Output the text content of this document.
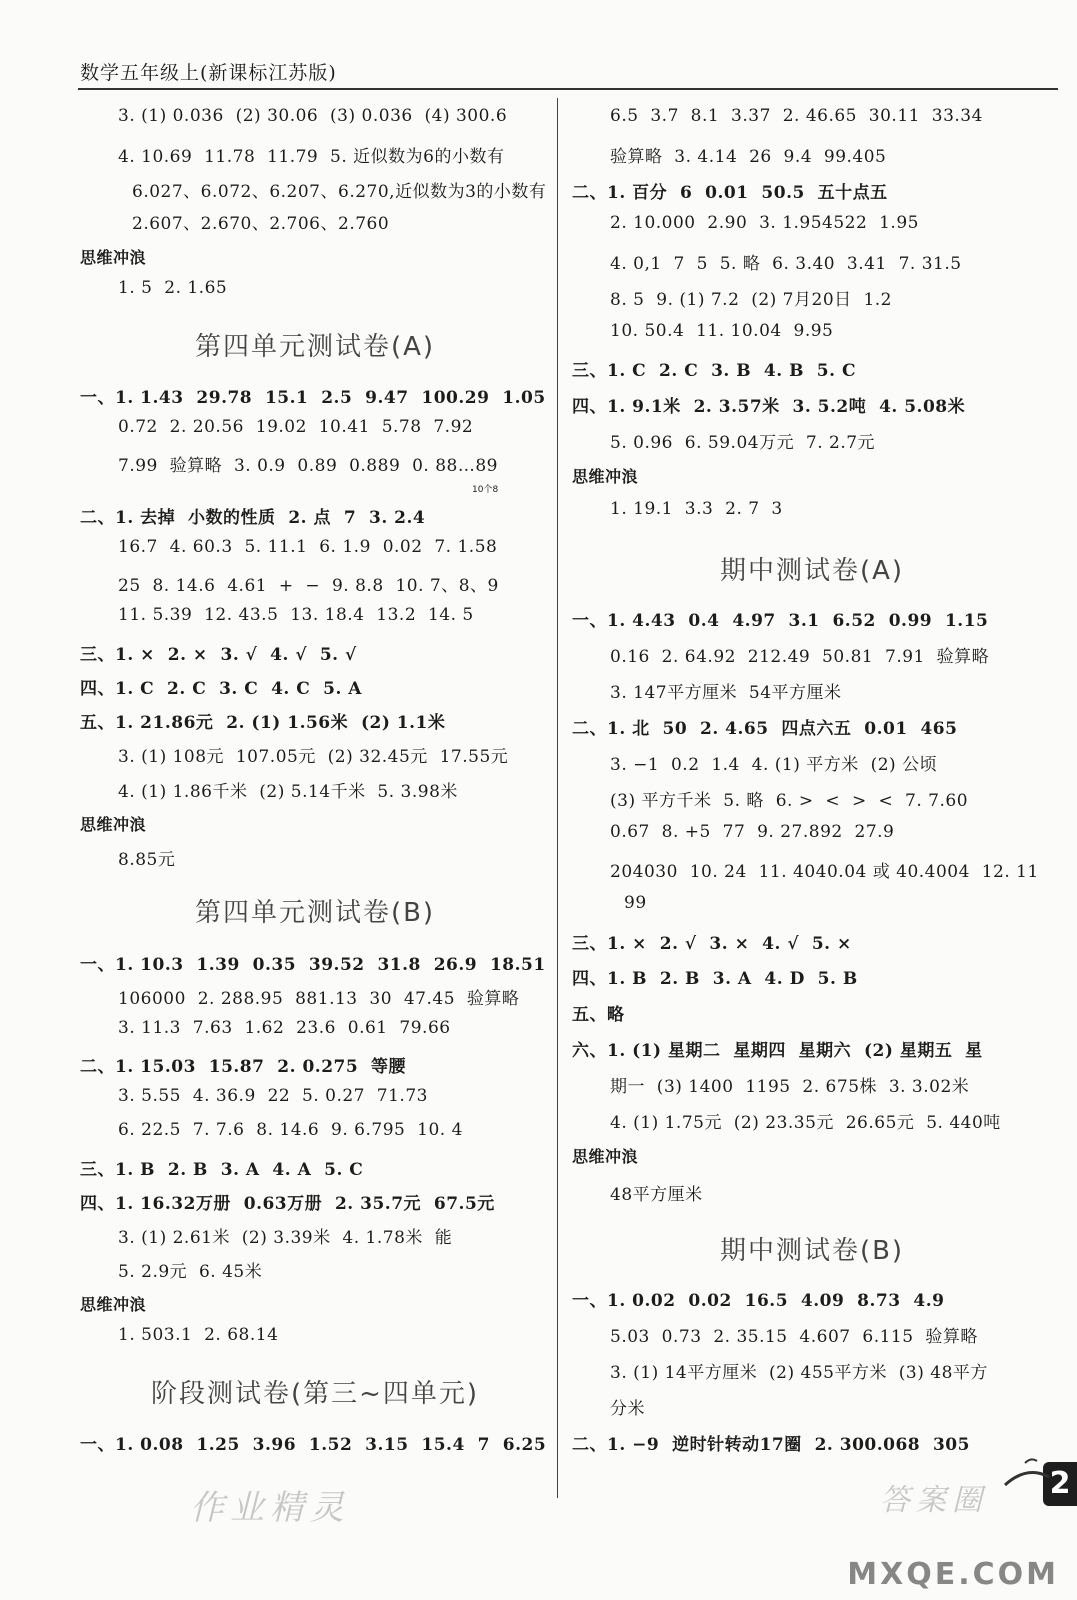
数学五年级上(新课标江苏版)
3. (1) 0.036  (2) 30.06  (3) 0.036  (4) 300.6
4. 10.69  11.78  11.79  5. 近似数为6的小数有
6.027、6.072、6.207、6.270,近似数为3的小数有
2.607、2.670、2.706、2.760
思维冲浪
1. 5  2. 1.65
第四单元测试卷(A)
一、1. 1.43  29.78  15.1  2.5  9.47  100.29  1.05
0.72  2. 20.56  19.02  10.41  5.78  7.92
7.99  验算略  3. 0.9  0.89  0.889  0. 88…89
10个8
二、1. 去掉  小数的性质  2. 点  7  3. 2.4
16.7  4. 60.3  5. 11.1  6. 1.9  0.02  7. 1.58
25  8. 14.6  4.61  +  −  9. 8.8  10. 7、8、9
11. 5.39  12. 43.5  13. 18.4  13.2  14. 5
三、1. ×  2. ×  3. √  4. √  5. √
四、1. C  2. C  3. C  4. C  5. A
五、1. 21.86元  2. (1) 1.56米  (2) 1.1米
3. (1) 108元  107.05元  (2) 32.45元  17.55元
4. (1) 1.86千米  (2) 5.14千米  5. 3.98米
思维冲浪
8.85元
第四单元测试卷(B)
一、1. 10.3  1.39  0.35  39.52  31.8  26.9  18.51
106000  2. 288.95  881.13  30  47.45  验算略
3. 11.3  7.63  1.62  23.6  0.61  79.66
二、1. 15.03  15.87  2. 0.275  等腰
3. 5.55  4. 36.9  22  5. 0.27  71.73
6. 22.5  7. 7.6  8. 14.6  9. 6.795  10. 4
三、1. B  2. B  3. A  4. A  5. C
四、1. 16.32万册  0.63万册  2. 35.7元  67.5元
3. (1) 2.61米  (2) 3.39米  4. 1.78米  能
5. 2.9元  6. 45米
思维冲浪
1. 503.1  2. 68.14
阶段测试卷(第三~四单元)
一、1. 0.08  1.25  3.96  1.52  3.15  15.4  7  6.25
6.5  3.7  8.1  3.37  2. 46.65  30.11  33.34
验算略  3. 4.14  26  9.4  99.405
二、1. 百分  6  0.01  50.5  五十点五
2. 10.000  2.90  3. 1.954522  1.95
4. 0,1  7  5  5. 略  6. 3.40  3.41  7. 31.5
8. 5  9. (1) 7.2  (2) 7月20日  1.2
10. 50.4  11. 10.04  9.95
三、1. C  2. C  3. B  4. B  5. C
四、1. 9.1米  2. 3.57米  3. 5.2吨  4. 5.08米
5. 0.96  6. 59.04万元  7. 2.7元
思维冲浪
1. 19.1  3.3  2. 7  3
期中测试卷(A)
一、1. 4.43  0.4  4.97  3.1  6.52  0.99  1.15
0.16  2. 64.92  212.49  50.81  7.91  验算略
3. 147平方厘米  54平方厘米
二、1. 北  50  2. 4.65  四点六五  0.01  465
3. −1  0.2  1.4  4. (1) 平方米  (2) 公顷
(3) 平方千米  5. 略  6. >  <  >  <  7. 7.60
0.67  8. +5  77  9. 27.892  27.9
204030  10. 24  11. 4040.04 或 40.4004  12. 11
99
三、1. ×  2. √  3. ×  4. √  5. ×
四、1. B  2. B  3. A  4. D  5. B
五、略
六、1. (1) 星期二  星期四  星期六  (2) 星期五  星
期一  (3) 1400  1195  2. 675株  3. 3.02米
4. (1) 1.75元  (2) 23.35元  26.65元  5. 440吨
思维冲浪
48平方厘米
期中测试卷(B)
一、1. 0.02  0.02  16.5  4.09  8.73  4.9
5.03  0.73  2. 35.15  4.607  6.115  验算略
3. (1) 14平方厘米  (2) 455平方米  (3) 48平方
分米
二、1. −9  逆时针转动17圈  2. 300.068  305
作业精灵	答案圈 2
MXQE.COM
